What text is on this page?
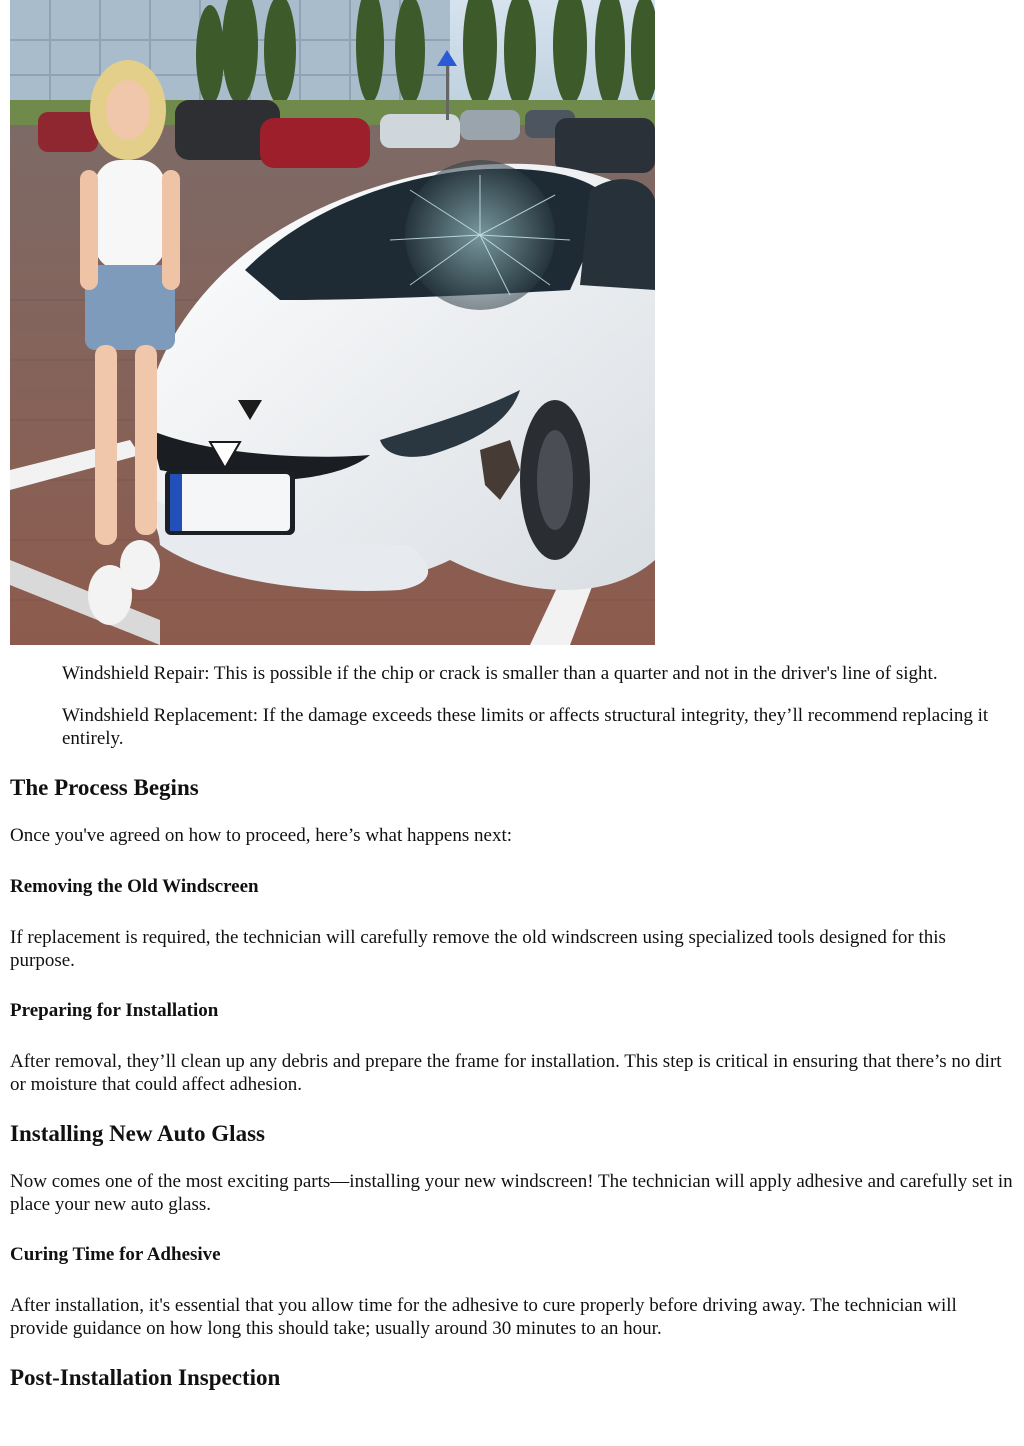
Windshield Repair: This is possible if the chip or crack is smaller than a quarter and not in the driver's line of sight.

Windshield Replacement: If the damage exceeds these limits or affects structural integrity, they’ll recommend replacing it entirely.

The Process Begins

Once you've agreed on how to proceed, here’s what happens next:

Removing the Old Windscreen

If replacement is required, the technician will carefully remove the old windscreen using specialized tools designed for this purpose.

Preparing for Installation

After removal, they’ll clean up any debris and prepare the frame for installation. This step is critical in ensuring that there’s no dirt or moisture that could affect adhesion.

Installing New Auto Glass

Now comes one of the most exciting parts—installing your new windscreen! The technician will apply adhesive and carefully set in place your new auto glass.

Curing Time for Adhesive

After installation, it's essential that you allow time for the adhesive to cure properly before driving away. The technician will provide guidance on how long this should take; usually around 30 minutes to an hour.

Post-Installation Inspection
